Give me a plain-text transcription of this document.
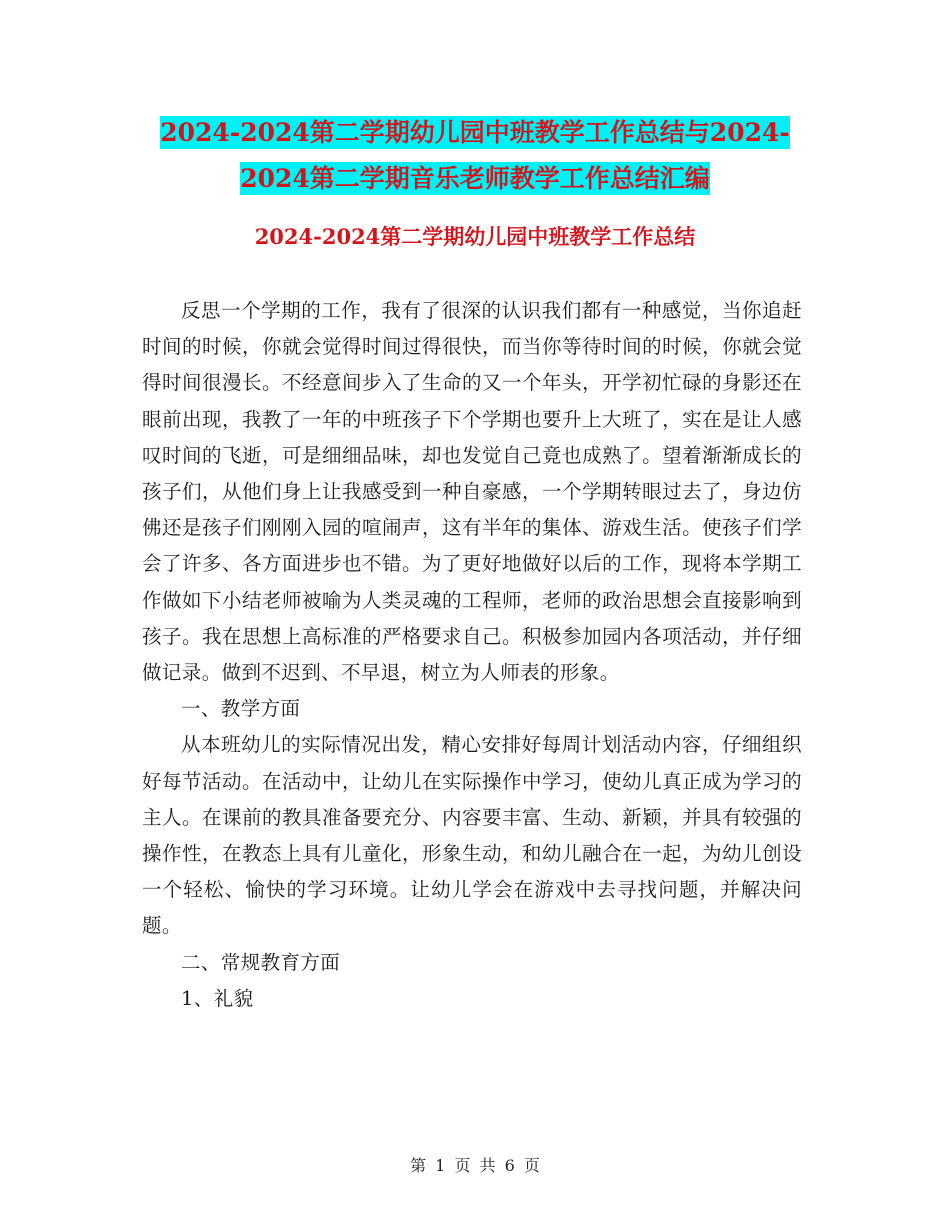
2024-2024第二学期幼儿园中班教学工作总结与2024-
2024第二学期音乐老师教学工作总结汇编
2024-2024第二学期幼儿园中班教学工作总结

反思一个学期的工作，我有了很深的认识我们都有一种感觉，当你追赶时间的时候，你就会觉得时间过得很快，而当你等待时间的时候，你就会觉得时间很漫长。不经意间步入了生命的又一个年头，开学初忙碌的身影还在眼前出现，我教了一年的中班孩子下个学期也要升上大班了，实在是让人感叹时间的飞逝，可是细细品味，却也发觉自己竟也成熟了。望着渐渐成长的孩子们，从他们身上让我感受到一种自豪感，一个学期转眼过去了，身边仿佛还是孩子们刚刚入园的喧闹声，这有半年的集体、游戏生活。使孩子们学会了许多、各方面进步也不错。为了更好地做好以后的工作，现将本学期工作做如下小结老师被喻为人类灵魂的工程师，老师的政治思想会直接影响到孩子。我在思想上高标准的严格要求自己。积极参加园内各项活动，并仔细做记录。做到不迟到、不早退，树立为人师表的形象。

一、教学方面

从本班幼儿的实际情况出发，精心安排好每周计划活动内容，仔细组织好每节活动。在活动中，让幼儿在实际操作中学习，使幼儿真正成为学习的主人。在课前的教具准备要充分、内容要丰富、生动、新颖，并具有较强的操作性，在教态上具有儿童化，形象生动，和幼儿融合在一起，为幼儿创设一个轻松、愉快的学习环境。让幼儿学会在游戏中去寻找问题，并解决问题。

二、常规教育方面

1、礼貌

第 1 页 共 6 页
